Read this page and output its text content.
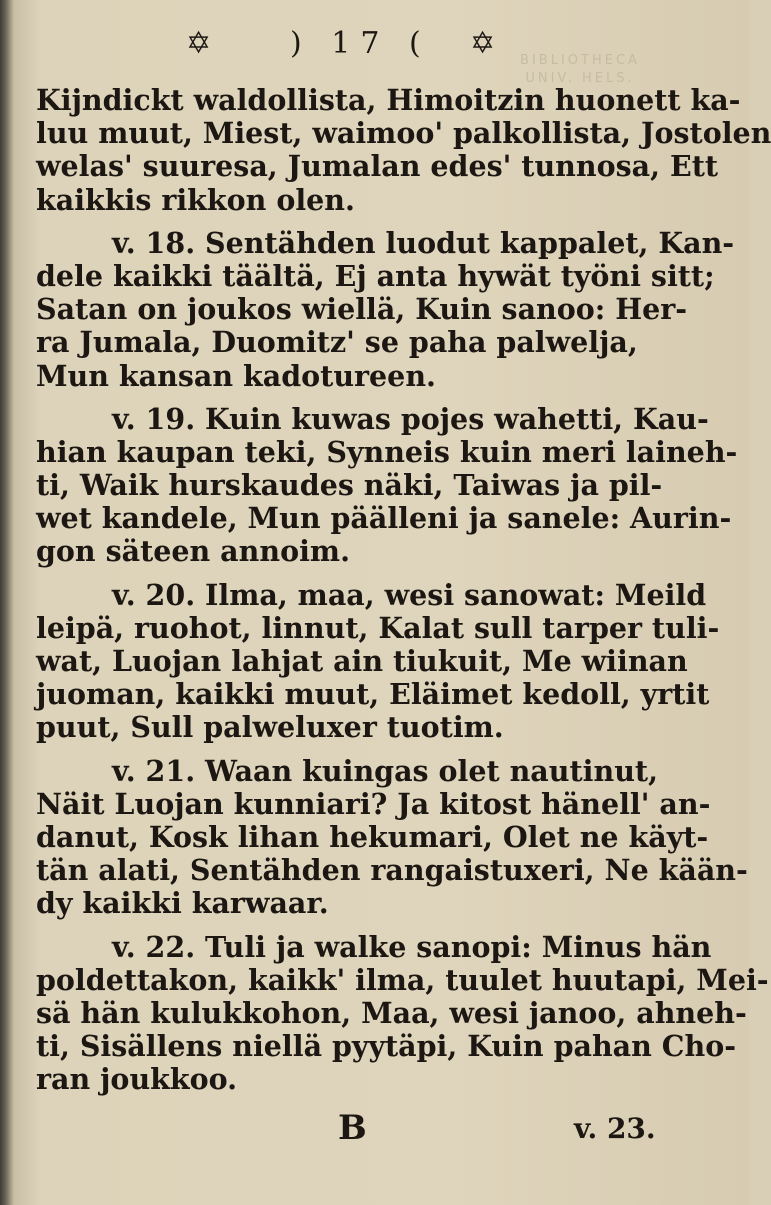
✡	) 17 ( ✡	BIBLIOTHECA
UNIV. HELS.
Kijndickt waldollista, Himoitzin huonett ka-
luu muut, Miest, waimoo' palkollista, Jostolen
welas' suuresa, Jumalan edes' tunnosa, Ett
kaikkis rikkon olen.
v. 18. Sentähden luodut kappalet, Kan-
dele kaikki täältä, Ej anta hywät työni sitt;
Satan on joukos wiellä, Kuin sanoo: Her-
ra Jumala, Duomitz' se paha palwelja,
Mun kansan kadotureen.
v. 19. Kuin kuwas pojes wahetti, Kau-
hian kaupan teki, Synneis kuin meri laineh-
ti, Waik hurskaudes näki, Taiwas ja pil-
wet kandele, Mun päälleni ja sanele: Aurin-
gon säteen annoim.
v. 20. Ilma, maa, wesi sanowat: Meild
leipä, ruohot, linnut, Kalat sull tarper tuli-
wat, Luojan lahjat ain tiukuit, Me wiinan
juoman, kaikki muut, Eläimet kedoll, yrtit
puut, Sull palweluxer tuotim.
v. 21. Waan kuingas olet nautinut,
Näit Luojan kunniari? Ja kitost hänell' an-
danut, Kosk lihan hekumari, Olet ne käyt-
tän alati, Sentähden rangaistuxeri, Ne kään-
dy kaikki karwaar.
v. 22. Tuli ja walke sanopi: Minus hän
poldettakon, kaikk' ilma, tuulet huutapi, Mei-
sä hän kulukkohon, Maa, wesi janoo, ahneh-
ti, Sisällens niellä pyytäpi, Kuin pahan Cho-
ran joukkoo.
B	v. 23.
